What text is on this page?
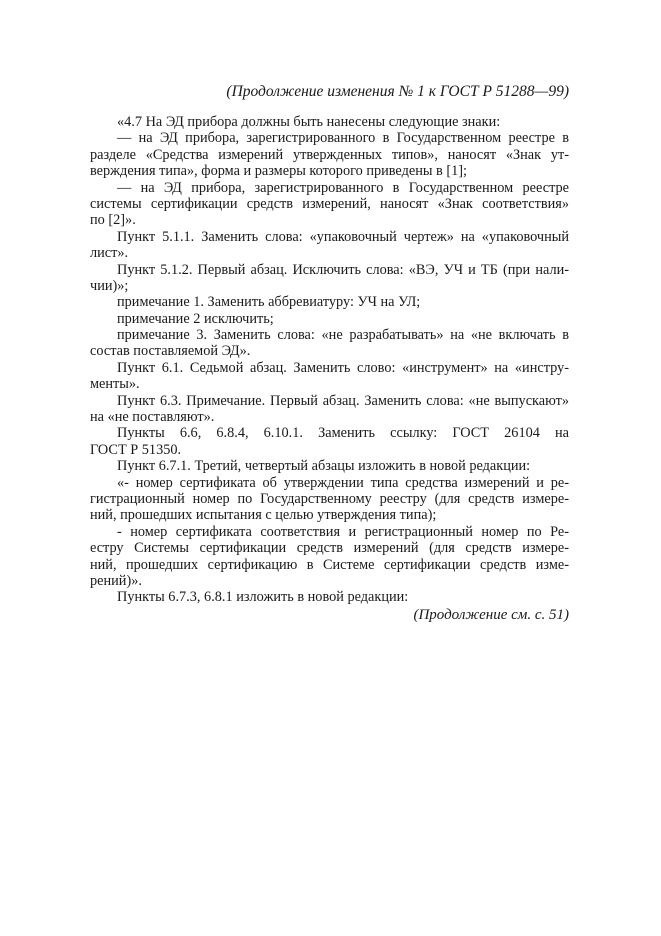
(Продолжение изменения № 1 к ГОСТ Р 51288—99)
«4.7 На ЭД прибора должны быть нанесены следующие знаки:
— на ЭД прибора, зарегистрированного в Государственном реестре в
разделе «Средства измерений утвержденных типов», наносят «Знак ут-
верждения типа», форма и размеры которого приведены в [1];
— на ЭД прибора, зарегистрированного в Государственном реестре
системы сертификации средств измерений, наносят «Знак соответствия»
по [2]».
Пункт 5.1.1. Заменить слова: «упаковочный чертеж» на «упаковочный
лист».
Пункт 5.1.2. Первый абзац. Исключить слова: «ВЭ, УЧ и ТБ (при нали-
чии)»;
примечание 1. Заменить аббревиатуру: УЧ на УЛ;
примечание 2 исключить;
примечание 3. Заменить слова: «не разрабатывать» на «не включать в
состав поставляемой ЭД».
Пункт 6.1. Седьмой абзац. Заменить слово: «инструмент» на «инстру-
менты».
Пункт 6.3. Примечание. Первый абзац. Заменить слова: «не выпускают»
на «не поставляют».
Пункты 6.6, 6.8.4, 6.10.1. Заменить ссылку: ГОСТ 26104 на
ГОСТ Р 51350.
Пункт 6.7.1. Третий, четвертый абзацы изложить в новой редакции:
«- номер сертификата об утверждении типа средства измерений и ре-
гистрационный номер по Государственному реестру (для средств измере-
ний, прошедших испытания с целью утверждения типа);
- номер сертификата соответствия и регистрационный номер по Ре-
естру Системы сертификации средств измерений (для средств измере-
ний, прошедших сертификацию в Системе сертификации средств изме-
рений)».
Пункты 6.7.3, 6.8.1 изложить в новой редакции:
(Продолжение см. с. 51)
